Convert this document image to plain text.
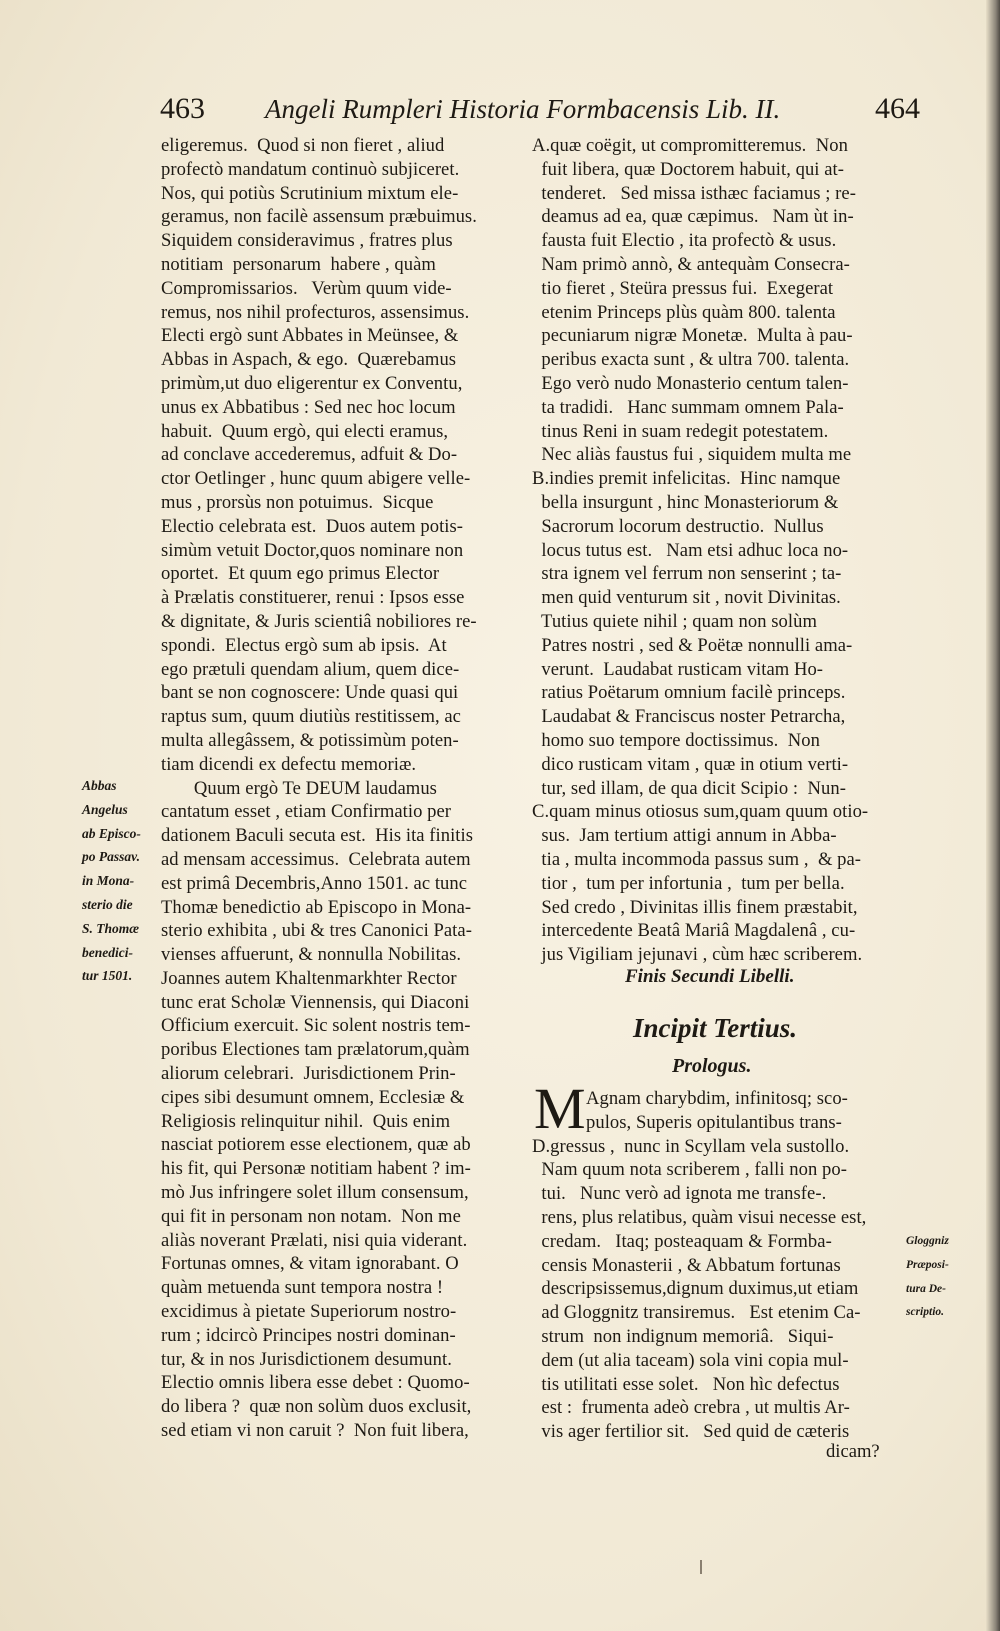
463 Angeli Rumpleri Historia Formbacensis Lib. II.	464
eligeremus.  Quod si non fieret , aliud
profectò mandatum continuò subjiceret.
Nos, qui potiùs Scrutinium mixtum ele-
geramus, non facilè assensum præbuimus.
Siquidem consideravimus , fratres plus
notitiam  personarum  habere , quàm
Compromissarios.   Verùm quum vide-
remus, nos nihil profecturos, assensimus.
Electi ergò sunt Abbates in Meünsee, &
Abbas in Aspach, & ego.  Quærebamus
primùm,ut duo eligerentur ex Conventu,
unus ex Abbatibus : Sed nec hoc locum
habuit.  Quum ergò, qui electi eramus,
ad conclave accederemus, adfuit & Do-
ctor Oetlinger , hunc quum abigere velle-
mus , prorsùs non potuimus.  Sicque
Electio celebrata est.  Duos autem potis-
simùm vetuit Doctor,quos nominare non
oportet.  Et quum ego primus Elector
à Prælatis constituerer, renui : Ipsos esse
& dignitate, & Juris scientiâ nobiliores re-
spondi.  Electus ergò sum ab ipsis.  At
ego prætuli quendam alium, quem dice-
bant se non cognoscere: Unde quasi qui
raptus sum, quum diutiùs restitissem, ac
multa allegâssem, & potissimùm poten-
tiam dicendi ex defectu memoriæ.
Quum ergò Te DEUM laudamus
cantatum esset , etiam Confirmatio per
dationem Baculi secuta est.  His ita finitis
ad mensam accessimus.  Celebrata autem
est primâ Decembris,Anno 1501. ac tunc
Thomæ benedictio ab Episcopo in Mona-
sterio exhibita , ubi & tres Canonici Pata-
vienses affuerunt, & nonnulla Nobilitas.
Joannes autem Khaltenmarkhter Rector
tunc erat Scholæ Viennensis, qui Diaconi
Officium exercuit. Sic solent nostris tem-
poribus Electiones tam prælatorum,quàm
aliorum celebrari.  Jurisdictionem Prin-
cipes sibi desumunt omnem, Ecclesiæ &
Religiosis relinquitur nihil.  Quis enim
nasciat potiorem esse electionem, quæ ab
his fit, qui Personæ notitiam habent ? im-
mò Jus infringere solet illum consensum,
qui fit in personam non notam.  Non me
aliàs noverant Prælati, nisi quia viderant.
Fortunas omnes, & vitam ignorabant. O
quàm metuenda sunt tempora nostra !
excidimus à pietate Superiorum nostro-
rum ; idcircò Principes nostri dominan-
tur, & in nos Jurisdictionem desumunt.
Electio omnis libera esse debet : Quomo-
do libera ?  quæ non solùm duos exclusit,
sed etiam vi non caruit ?  Non fuit libera,
A.quæ coëgit, ut compromitteremus.  Non
fuit libera, quæ Doctorem habuit, qui at-
tenderet.   Sed missa isthæc faciamus ; re-
deamus ad ea, quæ cæpimus.   Nam ùt in-
fausta fuit Electio , ita profectò & usus.
Nam primò annò, & antequàm Consecra-
tio fieret , Steüra pressus fui.  Exegerat
etenim Princeps plùs quàm 800. talenta
pecuniarum nigræ Monetæ.  Multa à pau-
peribus exacta sunt , & ultra 700. talenta.
Ego verò nudo Monasterio centum talen-
ta tradidi.   Hanc summam omnem Pala-
tinus Reni in suam redegit potestatem.
Nec aliàs faustus fui , siquidem multa me
B.indies premit infelicitas.  Hinc namque
bella insurgunt , hinc Monasteriorum &
Sacrorum locorum destructio.  Nullus
locus tutus est.   Nam etsi adhuc loca no-
stra ignem vel ferrum non senserint ; ta-
men quid venturum sit , novit Divinitas.
Tutius quiete nihil ; quam non solùm
Patres nostri , sed & Poëtæ nonnulli ama-
verunt.  Laudabat rusticam vitam Ho-
ratius Poëtarum omnium facilè princeps.
Laudabat & Franciscus noster Petrarcha,
homo suo tempore doctissimus.  Non
dico rusticam vitam , quæ in otium verti-
tur, sed illam, de qua dicit Scipio :  Nun-
C.quam minus otiosus sum,quam quum otio-
sus.  Jam tertium attigi annum in Abba-
tia , multa incommoda passus sum ,  & pa-
tior ,  tum per infortunia ,  tum per bella.
Sed credo , Divinitas illis finem præstabit,
intercedente Beatâ Mariâ Magdalenâ , cu-
jus Vigiliam jejunavi , cùm hæc scriberem.
Finis Secundi Libelli.
Incipit Tertius.
Prologus.
M Agnam charybdim, infinitosq; sco-
pulos, Superis opitulantibus trans-
D.gressus ,  nunc in Scyllam vela sustollo.
Nam quum nota scriberem , falli non po-
tui.   Nunc verò ad ignota me transfe-.
rens, plus relatibus, quàm visui necesse est,
credam.   Itaq; posteaquam & Formba-
censis Monasterii , & Abbatum fortunas
descripsissemus,dignum duximus,ut etiam
ad Gloggnitz transiremus.   Est etenim Ca-
strum  non indignum memoriâ.   Siqui-
dem (ut alia taceam) sola vini copia mul-
tis utilitati esse solet.   Non hìc defectus
est :  frumenta adeò crebra , ut multis Ar-
vis ager fertilior sit.   Sed quid de cæteris
dicam?
Abbas
Angelus
ab Episco-
po Passav.
in Mona-
sterio die
S. Thomæ
benedici-
tur 1501.
Gloggniz
Præposi-
tura De-
scriptio.
